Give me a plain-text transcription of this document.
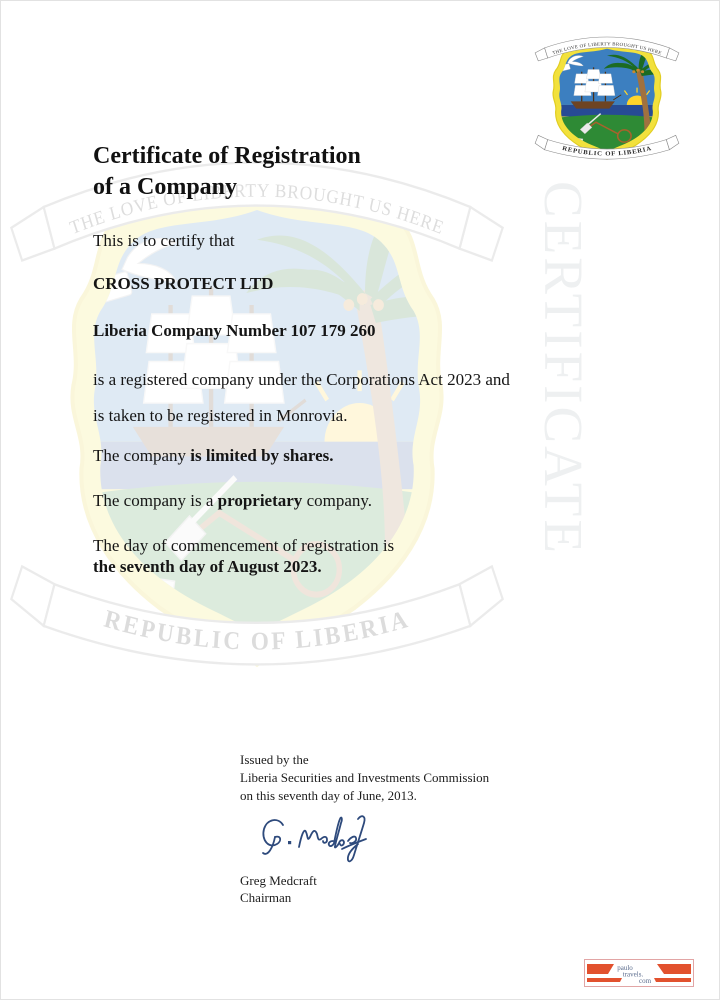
CERTIFICATE
Certificate of Registration
of a Company

This is to certify that

CROSS PROTECT LTD

Liberia Company Number 107 179 260

is a registered company under the Corporations Act 2023 and
is taken to be registered in Monrovia.

The company is limited by shares.

The company is a proprietary company.

The day of commencement of registration is
the seventh day of August 2023.

Issued by the
Liberia Securities and Investments Commission
on this seventh day of June, 2013.
Greg Medcraft
Chairman
paulo
travels.
com
